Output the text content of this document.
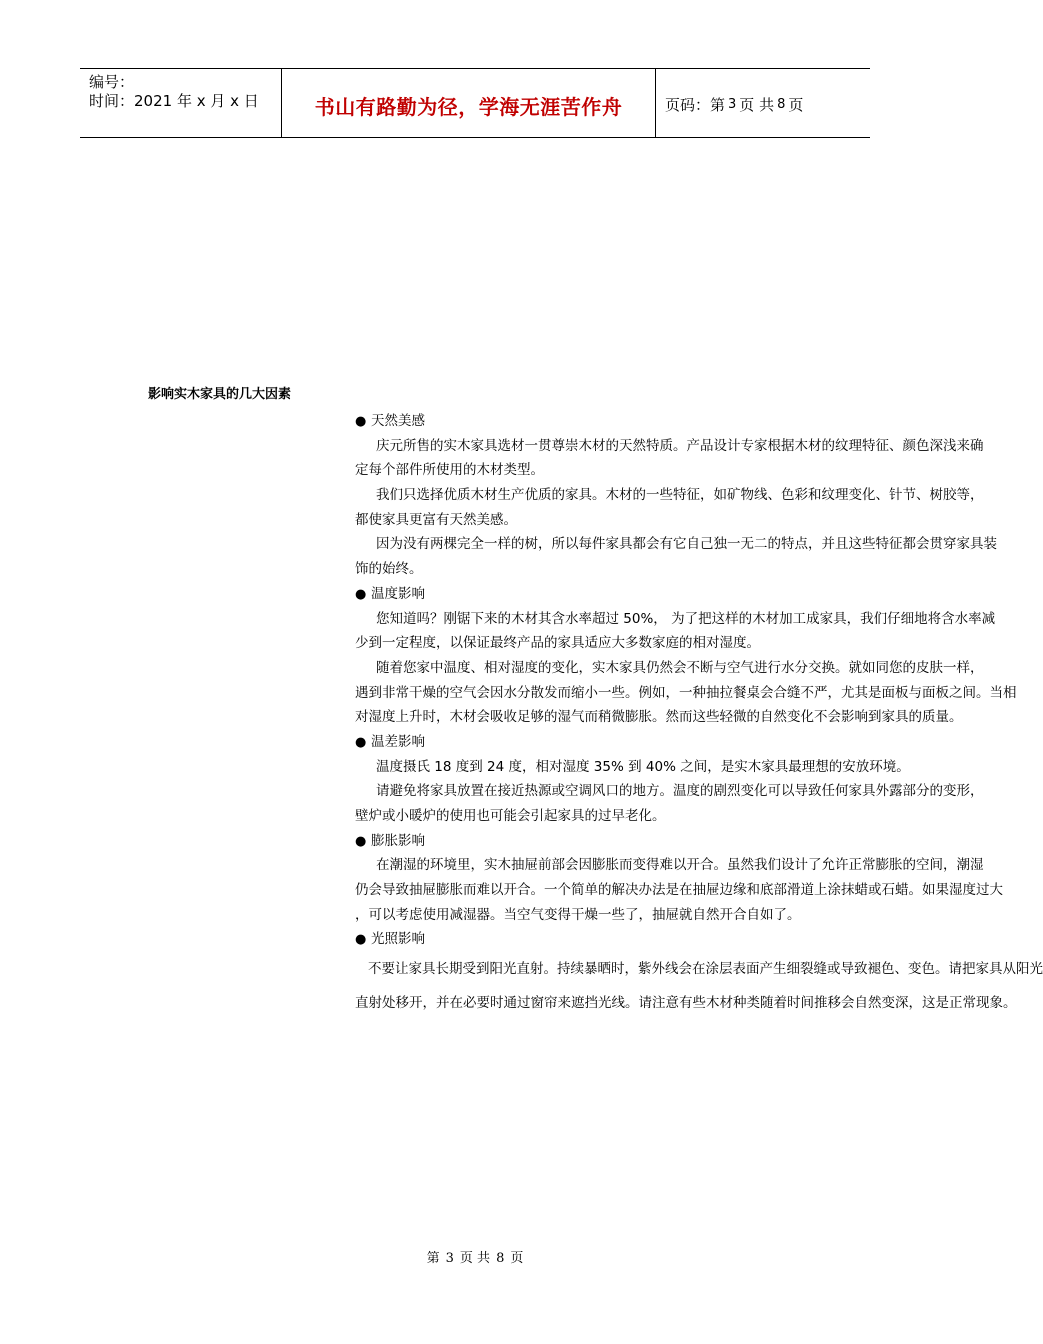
编号：
时间：2021 年 x 月 x 日	书山有路勤为径，学海无涯苦作舟	页码：第 3 页 共 8 页
影响实木家具的几大因素
● 天然美感
庆元所售的实木家具选材一贯尊崇木材的天然特质。产品设计专家根据木材的纹理特征、颜色深浅来确
定每个部件所使用的木材类型。
我们只选择优质木材生产优质的家具。木材的一些特征，如矿物线、色彩和纹理变化、针节、树胶等，
都使家具更富有天然美感。
因为没有两棵完全一样的树，所以每件家具都会有它自己独一无二的特点，并且这些特征都会贯穿家具装
饰的始终。
● 温度影响
您知道吗？刚锯下来的木材其含水率超过 50%， 为了把这样的木材加工成家具，我们仔细地将含水率减
少到一定程度，以保证最终产品的家具适应大多数家庭的相对湿度。
随着您家中温度、相对湿度的变化，实木家具仍然会不断与空气进行水分交换。就如同您的皮肤一样，
遇到非常干燥的空气会因水分散发而缩小一些。例如，一种抽拉餐桌会合缝不严，尤其是面板与面板之间。当相
对湿度上升时，木材会吸收足够的湿气而稍微膨胀。然而这些轻微的自然变化不会影响到家具的质量。
● 温差影响
温度摄氏 18 度到 24 度，相对湿度 35% 到 40% 之间，是实木家具最理想的安放环境。
请避免将家具放置在接近热源或空调风口的地方。温度的剧烈变化可以导致任何家具外露部分的变形，
壁炉或小暖炉的使用也可能会引起家具的过早老化。
● 膨胀影响
在潮湿的环境里，实木抽屉前部会因膨胀而变得难以开合。虽然我们设计了允许正常膨胀的空间，潮湿
仍会导致抽屉膨胀而难以开合。一个简单的解决办法是在抽屉边缘和底部滑道上涂抹蜡或石蜡。如果湿度过大
，可以考虑使用减湿器。当空气变得干燥一些了，抽屉就自然开合自如了。
● 光照影响
不要让家具长期受到阳光直射。持续暴晒时，紫外线会在涂层表面产生细裂缝或导致褪色、变色。请把家具从阳光
直射处移开，并在必要时通过窗帘来遮挡光线。请注意有些木材种类随着时间推移会自然变深，这是正常现象。
第 3 页 共 8 页
